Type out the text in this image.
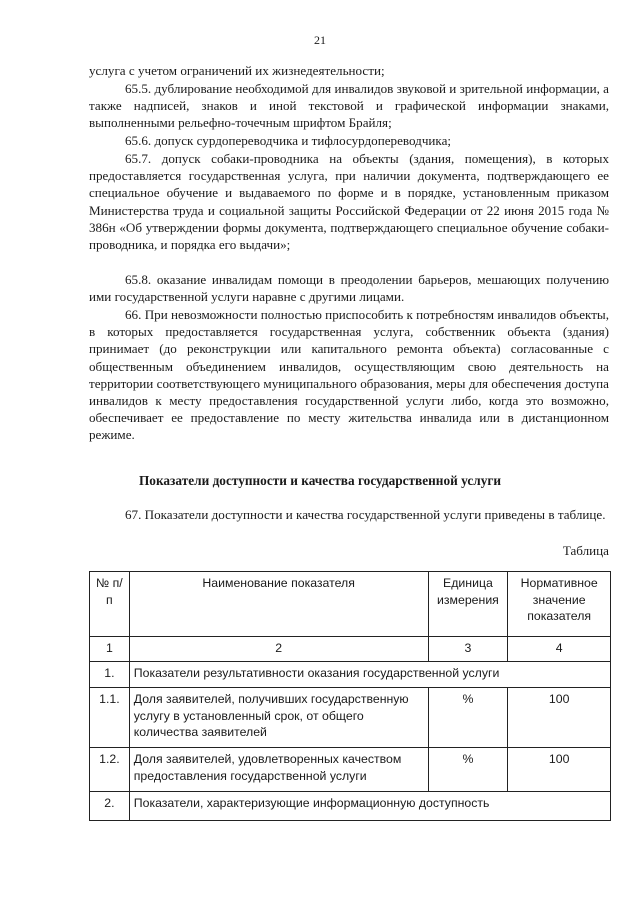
21
услуга с учетом ограничений их жизнедеятельности;
65.5. дублирование необходимой для инвалидов звуковой и зрительной информации, а также надписей, знаков и иной текстовой и графической информации знаками, выполненными рельефно-точечным шрифтом Брайля;
65.6. допуск сурдопереводчика и тифлосурдопереводчика;
65.7. допуск собаки-проводника на объекты (здания, помещения), в которых предоставляется государственная услуга, при наличии документа, подтверждающего ее специальное обучение и выдаваемого по форме и в порядке, установленным приказом Министерства труда и социальной защиты Российской Федерации от 22 июня 2015 года № 386н «Об утверждении формы документа, подтверждающего специальное обучение собаки-проводника, и порядка его выдачи»;
65.8. оказание инвалидам помощи в преодолении барьеров, мешающих получению ими государственной услуги наравне с другими лицами.
66. При невозможности полностью приспособить к потребностям инвалидов объекты, в которых предоставляется государственная услуга, собственник объекта (здания) принимает (до реконструкции или капитального ремонта объекта) согласованные с общественным объединением инвалидов, осуществляющим свою деятельность на территории соответствующего муниципального образования, меры для обеспечения доступа инвалидов к месту предоставления государственной услуги либо, когда это возможно, обеспечивает ее предоставление по месту жительства инвалида или в дистанционном режиме.
Показатели доступности и качества государственной услуги
67. Показатели доступности и качества государственной услуги приведены в таблице.
Таблица
№ п/п	Наименование показателя	Единица измерения	Нормативное значение показателя
1	2	3	4
1.	Показатели результативности оказания государственной услуги		
1.1.	Доля заявителей, получивших государственную услугу в установленный срок, от общего количества заявителей	%	100
1.2.	Доля заявителей, удовлетворенных качеством предоставления государственной услуги	%	100
2.	Показатели, характеризующие информационную доступность		
